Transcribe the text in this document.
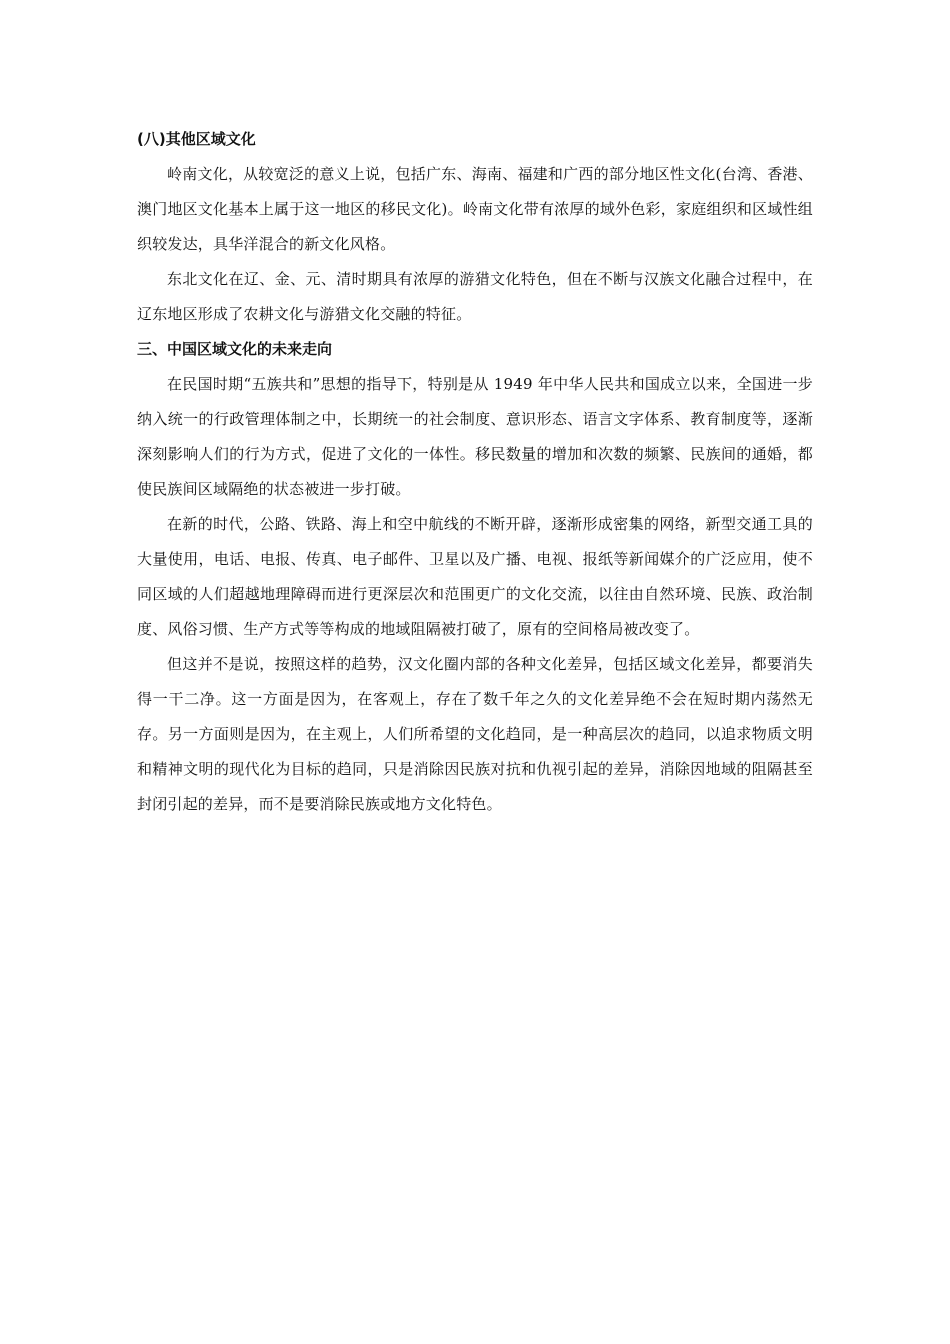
(八)其他区域文化

岭南文化，从较宽泛的意义上说，包括广东、海南、福建和广西的部分地区性文化(台湾、香港、澳门地区文化基本上属于这一地区的移民文化)。岭南文化带有浓厚的域外色彩，家庭组织和区域性组织较发达，具华洋混合的新文化风格。

东北文化在辽、金、元、清时期具有浓厚的游猎文化特色，但在不断与汉族文化融合过程中，在辽东地区形成了农耕文化与游猎文化交融的特征。

三、中国区域文化的未来走向

在民国时期“五族共和”思想的指导下，特别是从 1949 年中华人民共和国成立以来，全国进一步纳入统一的行政管理体制之中，长期统一的社会制度、意识形态、语言文字体系、教育制度等，逐渐深刻影响人们的行为方式，促进了文化的一体性。移民数量的增加和次数的频繁、民族间的通婚，都使民族间区域隔绝的状态被进一步打破。

在新的时代，公路、铁路、海上和空中航线的不断开辟，逐渐形成密集的网络，新型交通工具的大量使用，电话、电报、传真、电子邮件、卫星以及广播、电视、报纸等新闻媒介的广泛应用，使不同区域的人们超越地理障碍而进行更深层次和范围更广的文化交流，以往由自然环境、民族、政治制度、风俗习惯、生产方式等等构成的地域阻隔被打破了，原有的空间格局被改变了。

但这并不是说，按照这样的趋势，汉文化圈内部的各种文化差异，包括区域文化差异，都要消失得一干二净。这一方面是因为，在客观上，存在了数千年之久的文化差异绝不会在短时期内荡然无存。另一方面则是因为，在主观上，人们所希望的文化趋同，是一种高层次的趋同，以追求物质文明和精神文明的现代化为目标的趋同，只是消除因民族对抗和仇视引起的差异，消除因地域的阻隔甚至封闭引起的差异，而不是要消除民族或地方文化特色。
